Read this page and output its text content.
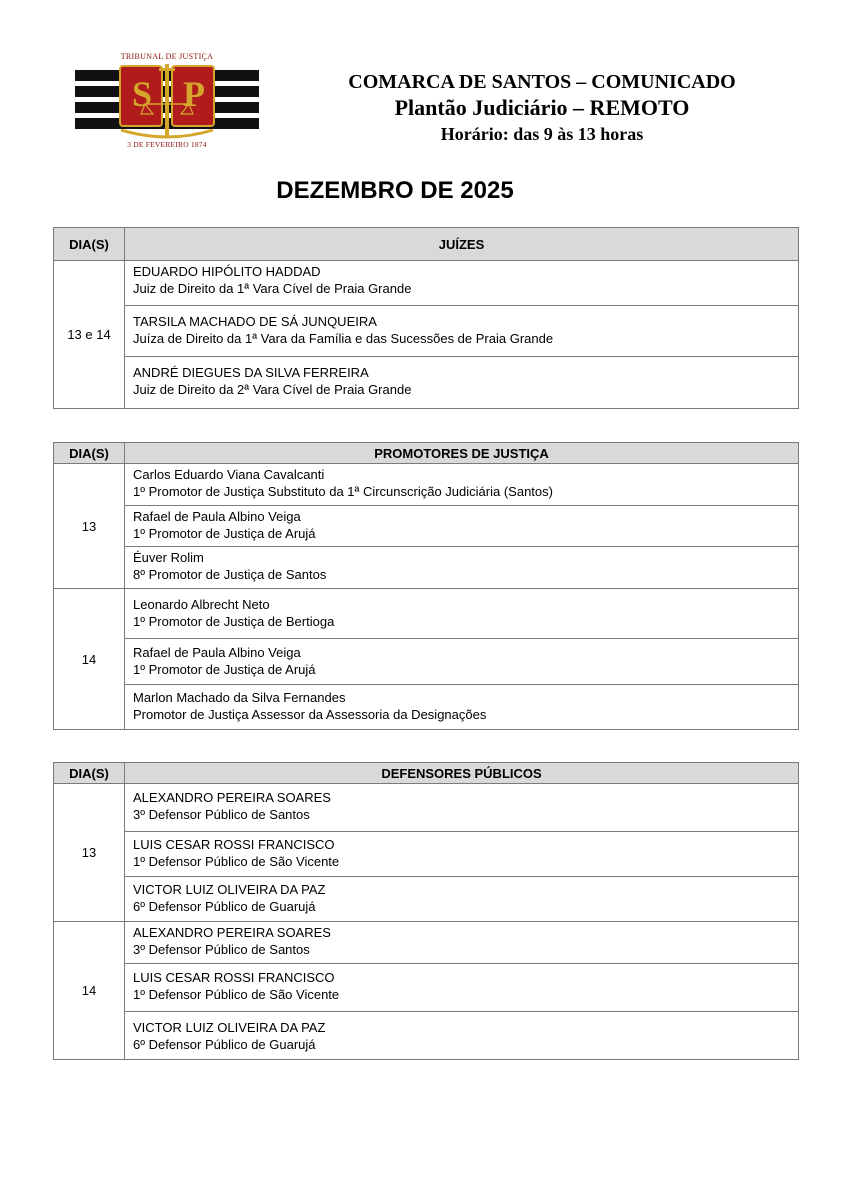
TRIBUNAL DE JUSTIÇA
S P
3 DE FEVEREIRO 1874
COMARCA DE SANTOS – COMUNICADO
Plantão Judiciário – REMOTO
Horário: das 9 às 13 horas
DEZEMBRO DE 2025
DIA(S)	JUÍZES
13 e 14	EDUARDO HIPÓLITO HADDAD
Juiz de Direito da 1ª Vara Cível de Praia Grande

	TARSILA MACHADO DE SÁ JUNQUEIRA
Juíza de Direito da 1ª Vara da Família e das Sucessões de Praia Grande

	ANDRÉ DIEGUES DA SILVA FERREIRA
Juiz de Direito da 2ª Vara Cível de Praia Grande
DIA(S)	PROMOTORES DE JUSTIÇA
13	Carlos Eduardo Viana Cavalcanti
1º Promotor de Justiça Substituto da 1ª Circunscrição Judiciária (Santos)

	Rafael de Paula Albino Veiga
1º Promotor de Justiça de Arujá

	Éuver Rolim
8º Promotor de Justiça de Santos

14	Leonardo Albrecht Neto
1º Promotor de Justiça de Bertioga

	Rafael de Paula Albino Veiga
1º Promotor de Justiça de Arujá

	Marlon Machado da Silva Fernandes
Promotor de Justiça Assessor da Assessoria da Designações
DIA(S)	DEFENSORES PÚBLICOS
13	ALEXANDRO PEREIRA SOARES
3º Defensor Público de Santos

	LUIS CESAR ROSSI FRANCISCO
1º Defensor Público de São Vicente

	VICTOR LUIZ OLIVEIRA DA PAZ
6º Defensor Público de Guarujá

14	ALEXANDRO PEREIRA SOARES
3º Defensor Público de Santos

	LUIS CESAR ROSSI FRANCISCO
1º Defensor Público de São Vicente

	VICTOR LUIZ OLIVEIRA DA PAZ
6º Defensor Público de Guarujá
